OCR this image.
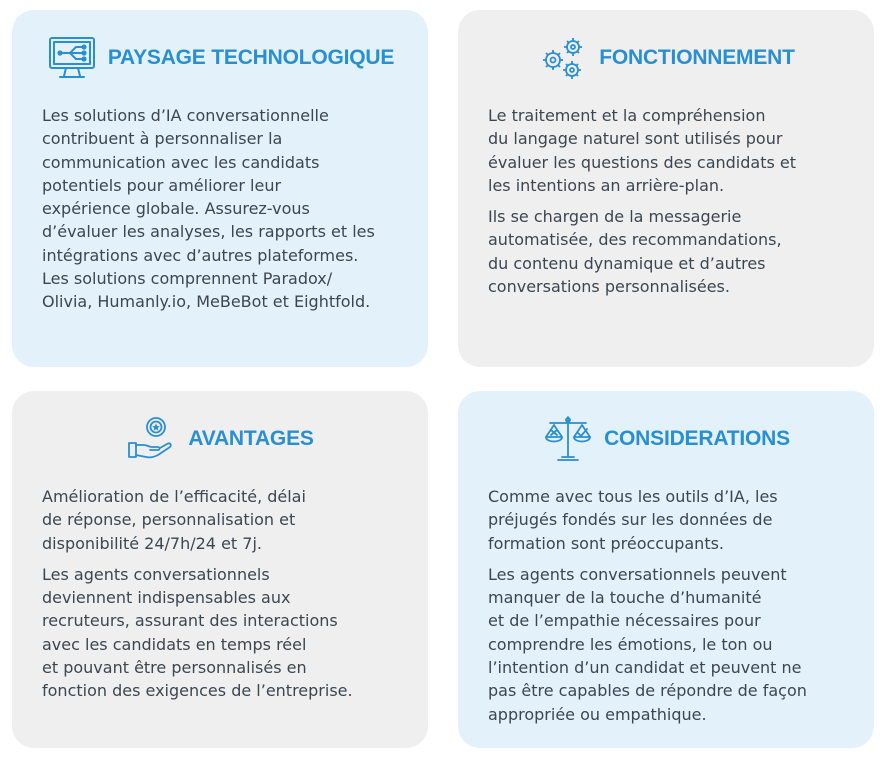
PAYSAGE TECHNOLOGIQUE

Les solutions d’IA conversationnelle
contribuent à personnaliser la
communication avec les candidats
potentiels pour améliorer leur
expérience globale. Assurez-vous
d’évaluer les analyses, les rapports et les
intégrations avec d’autres plateformes.
Les solutions comprennent Paradox/
Olivia, Humanly.io, MeBeBot et Eightfold.

FONCTIONNEMENT

Le traitement et la compréhension
du langage naturel sont utilisés pour
évaluer les questions des candidats et
les intentions an arrière-plan.

Ils se chargen de la messagerie
automatisée, des recommandations,
du contenu dynamique et d’autres
conversations personnalisées.

AVANTAGES

Amélioration de l’efficacité, délai
de réponse, personnalisation et
disponibilité 24/7h/24 et 7j.

Les agents conversationnels
deviennent indispensables aux
recruteurs, assurant des interactions
avec les candidats en temps réel
et pouvant être personnalisés en
fonction des exigences de l’entreprise.

CONSIDERATIONS

Comme avec tous les outils d’IA, les
préjugés fondés sur les données de
formation sont préoccupants.

Les agents conversationnels peuvent
manquer de la touche d’humanité
et de l’empathie nécessaires pour
comprendre les émotions, le ton ou
l’intention d’un candidat et peuvent ne
pas être capables de répondre de façon
appropriée ou empathique.
